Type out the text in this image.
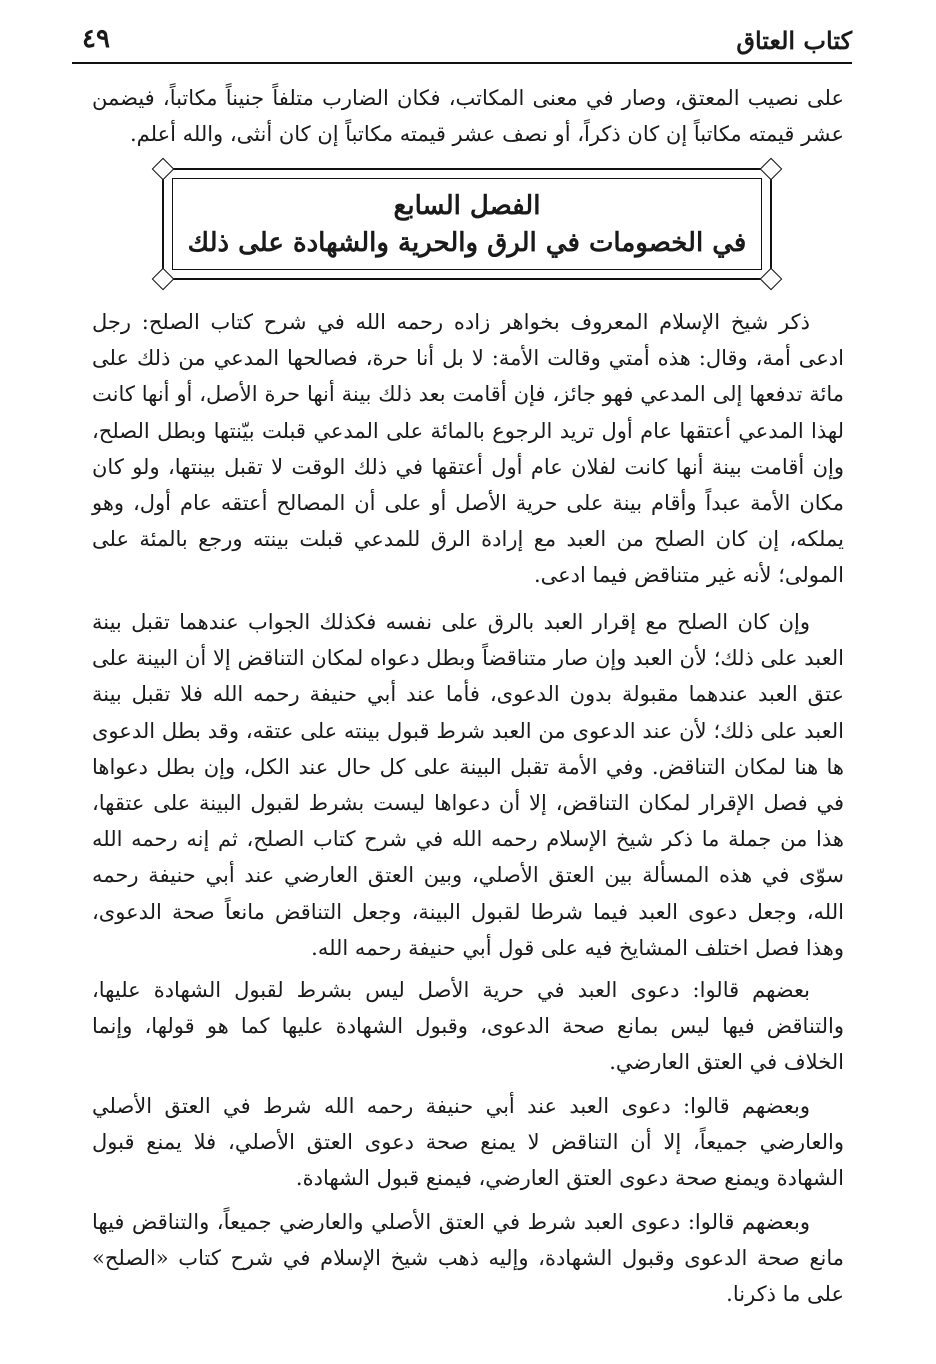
كتاب العتاق
٤٩

على نصيب المعتق، وصار في معنى المكاتب، فكان الضارب متلفاً جنيناً مكاتباً، فيضمن عشر قيمته مكاتباً إن كان ذكراً، أو نصف عشر قيمته مكاتباً إن كان أنثى، والله أعلم.

الفصل السابع
في الخصومات في الرق والحرية والشهادة على ذلك

ذكر شيخ الإسلام المعروف بخواهر زاده رحمه الله في شرح كتاب الصلح: رجل ادعى أمة، وقال: هذه أمتي وقالت الأمة: لا بل أنا حرة، فصالحها المدعي من ذلك على مائة تدفعها إلى المدعي فهو جائز، فإن أقامت بعد ذلك بينة أنها حرة الأصل، أو أنها كانت لهذا المدعي أعتقها عام أول تريد الرجوع بالمائة على المدعي قبلت بيّنتها وبطل الصلح، وإن أقامت بينة أنها كانت لفلان عام أول أعتقها في ذلك الوقت لا تقبل بينتها، ولو كان مكان الأمة عبداً وأقام بينة على حرية الأصل أو على أن المصالح أعتقه عام أول، وهو يملكه، إن كان الصلح من العبد مع إرادة الرق للمدعي قبلت بينته ورجع بالمئة على المولى؛ لأنه غير متناقض فيما ادعى.

وإن كان الصلح مع إقرار العبد بالرق على نفسه فكذلك الجواب عندهما تقبل بينة العبد على ذلك؛ لأن العبد وإن صار متناقضاً وبطل دعواه لمكان التناقض إلا أن البينة على عتق العبد عندهما مقبولة بدون الدعوى، فأما عند أبي حنيفة رحمه الله فلا تقبل بينة العبد على ذلك؛ لأن عند الدعوى من العبد شرط قبول بينته على عتقه، وقد بطل الدعوى ها هنا لمكان التناقض. وفي الأمة تقبل البينة على كل حال عند الكل، وإن بطل دعواها في فصل الإقرار لمكان التناقض، إلا أن دعواها ليست بشرط لقبول البينة على عتقها، هذا من جملة ما ذكر شيخ الإسلام رحمه الله في شرح كتاب الصلح، ثم إنه رحمه الله سوّى في هذه المسألة بين العتق الأصلي، وبين العتق العارضي عند أبي حنيفة رحمه الله، وجعل دعوى العبد فيما شرطا لقبول البينة، وجعل التناقض مانعاً صحة الدعوى، وهذا فصل اختلف المشايخ فيه على قول أبي حنيفة رحمه الله.

بعضهم قالوا: دعوى العبد في حرية الأصل ليس بشرط لقبول الشهادة عليها، والتناقض فيها ليس بمانع صحة الدعوى، وقبول الشهادة عليها كما هو قولها، وإنما الخلاف في العتق العارضي.

وبعضهم قالوا: دعوى العبد عند أبي حنيفة رحمه الله شرط في العتق الأصلي والعارضي جميعاً، إلا أن التناقض لا يمنع صحة دعوى العتق الأصلي، فلا يمنع قبول الشهادة ويمنع صحة دعوى العتق العارضي، فيمنع قبول الشهادة.

وبعضهم قالوا: دعوى العبد شرط في العتق الأصلي والعارضي جميعاً، والتناقض فيها مانع صحة الدعوى وقبول الشهادة، وإليه ذهب شيخ الإسلام في شرح كتاب «الصلح» على ما ذكرنا.
